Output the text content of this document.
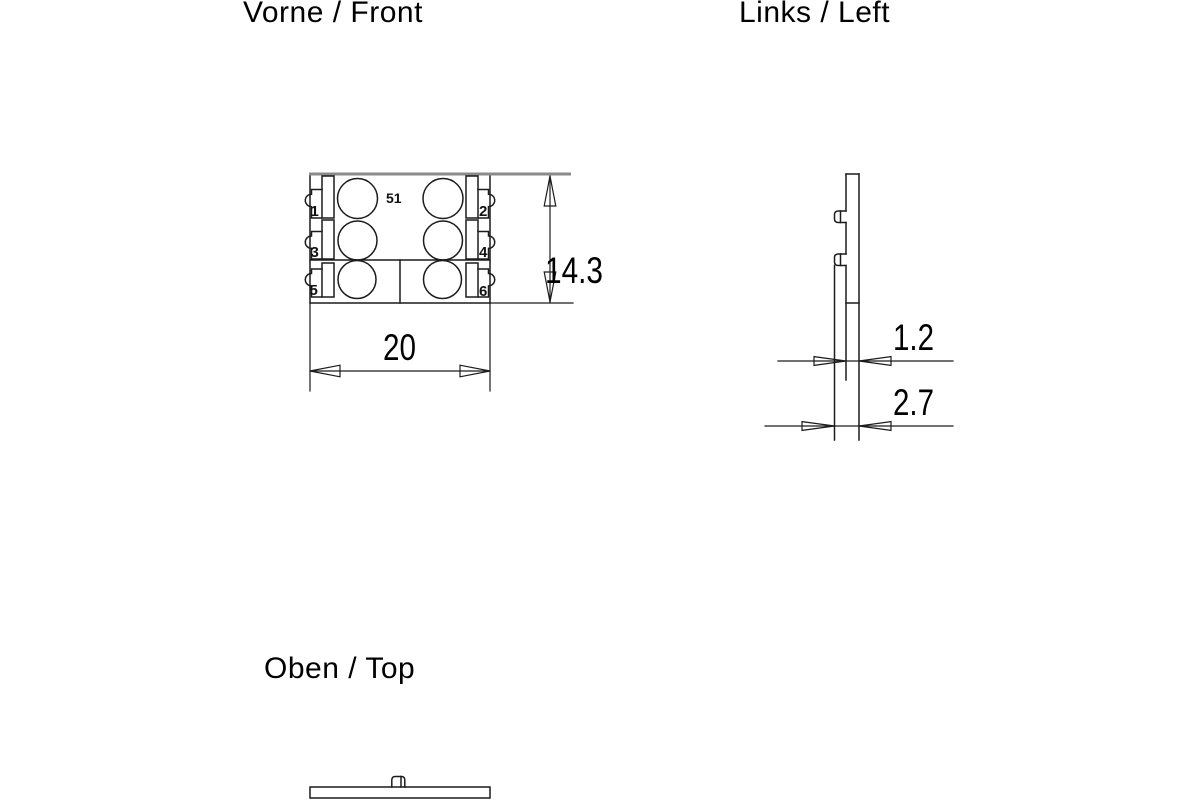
Vorne / Front	Links / Left
Oben / Top
1	2
3	4
5	6
51
20
14.3
1.2
2.7
